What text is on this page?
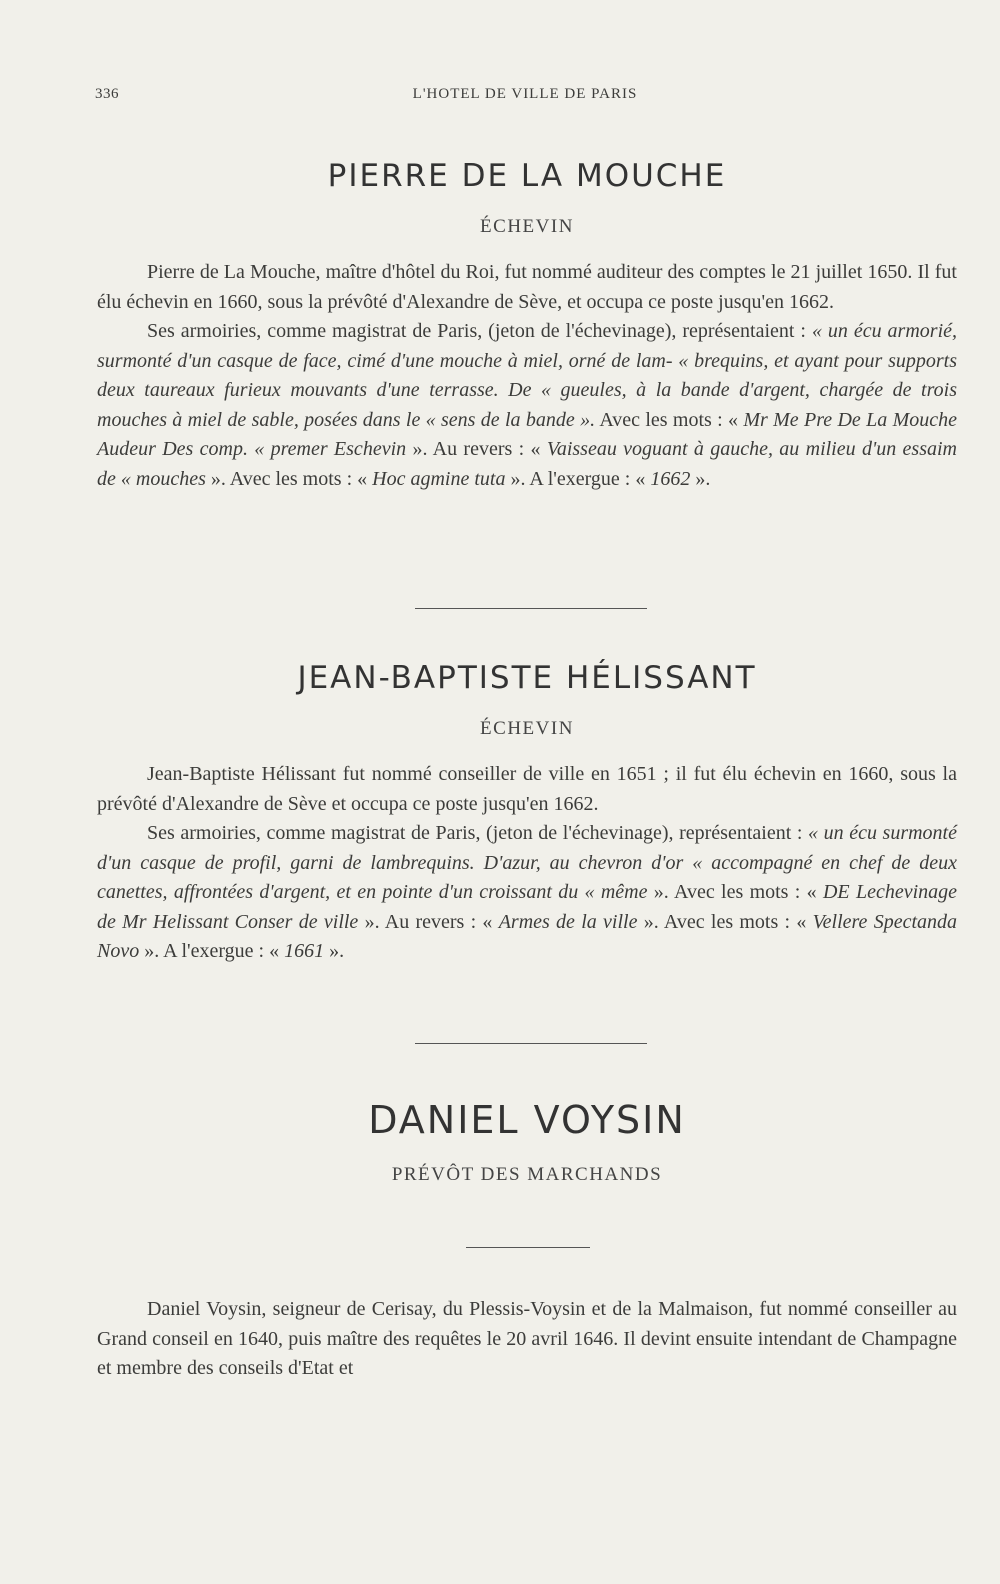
336	L'HOTEL DE VILLE DE PARIS
PIERRE DE LA MOUCHE
ÉCHEVIN

Pierre de La Mouche, maître d'hôtel du Roi, fut nommé auditeur des comptes le 21 juillet 1650. Il fut élu échevin en 1660, sous la prévôté d'Alexandre de Sève, et occupa ce poste jusqu'en 1662.

Ses armoiries, comme magistrat de Paris, (jeton de l'échevinage), représentaient : « un écu armorié, surmonté d'un casque de face, cimé d'une mouche à miel, orné de lam- « brequins, et ayant pour supports deux taureaux furieux mouvants d'une terrasse. De « gueules, à la bande d'argent, chargée de trois mouches à miel de sable, posées dans le « sens de la bande ». Avec les mots : « Mr Me Pre De La Mouche Audeur Des comp. « premer Eschevin ». Au revers : « Vaisseau voguant à gauche, au milieu d'un essaim de « mouches ». Avec les mots : « Hoc agmine tuta ». A l'exergue : « 1662 ».

JEAN-BAPTISTE HÉLISSANT
ÉCHEVIN

Jean-Baptiste Hélissant fut nommé conseiller de ville en 1651 ; il fut élu échevin en 1660, sous la prévôté d'Alexandre de Sève et occupa ce poste jusqu'en 1662.

Ses armoiries, comme magistrat de Paris, (jeton de l'échevinage), représentaient : « un écu surmonté d'un casque de profil, garni de lambrequins. D'azur, au chevron d'or « accompagné en chef de deux canettes, affrontées d'argent, et en pointe d'un croissant du « même ». Avec les mots : « DE Lechevinage de Mr Helissant Conser de ville ». Au revers : « Armes de la ville ». Avec les mots : « Vellere Spectanda Novo ». A l'exergue : « 1661 ».

DANIEL VOYSIN
PRÉVÔT DES MARCHANDS

Daniel Voysin, seigneur de Cerisay, du Plessis-Voysin et de la Malmaison, fut nommé conseiller au Grand conseil en 1640, puis maître des requêtes le 20 avril 1646. Il devint ensuite intendant de Champagne et membre des conseils d'Etat et
